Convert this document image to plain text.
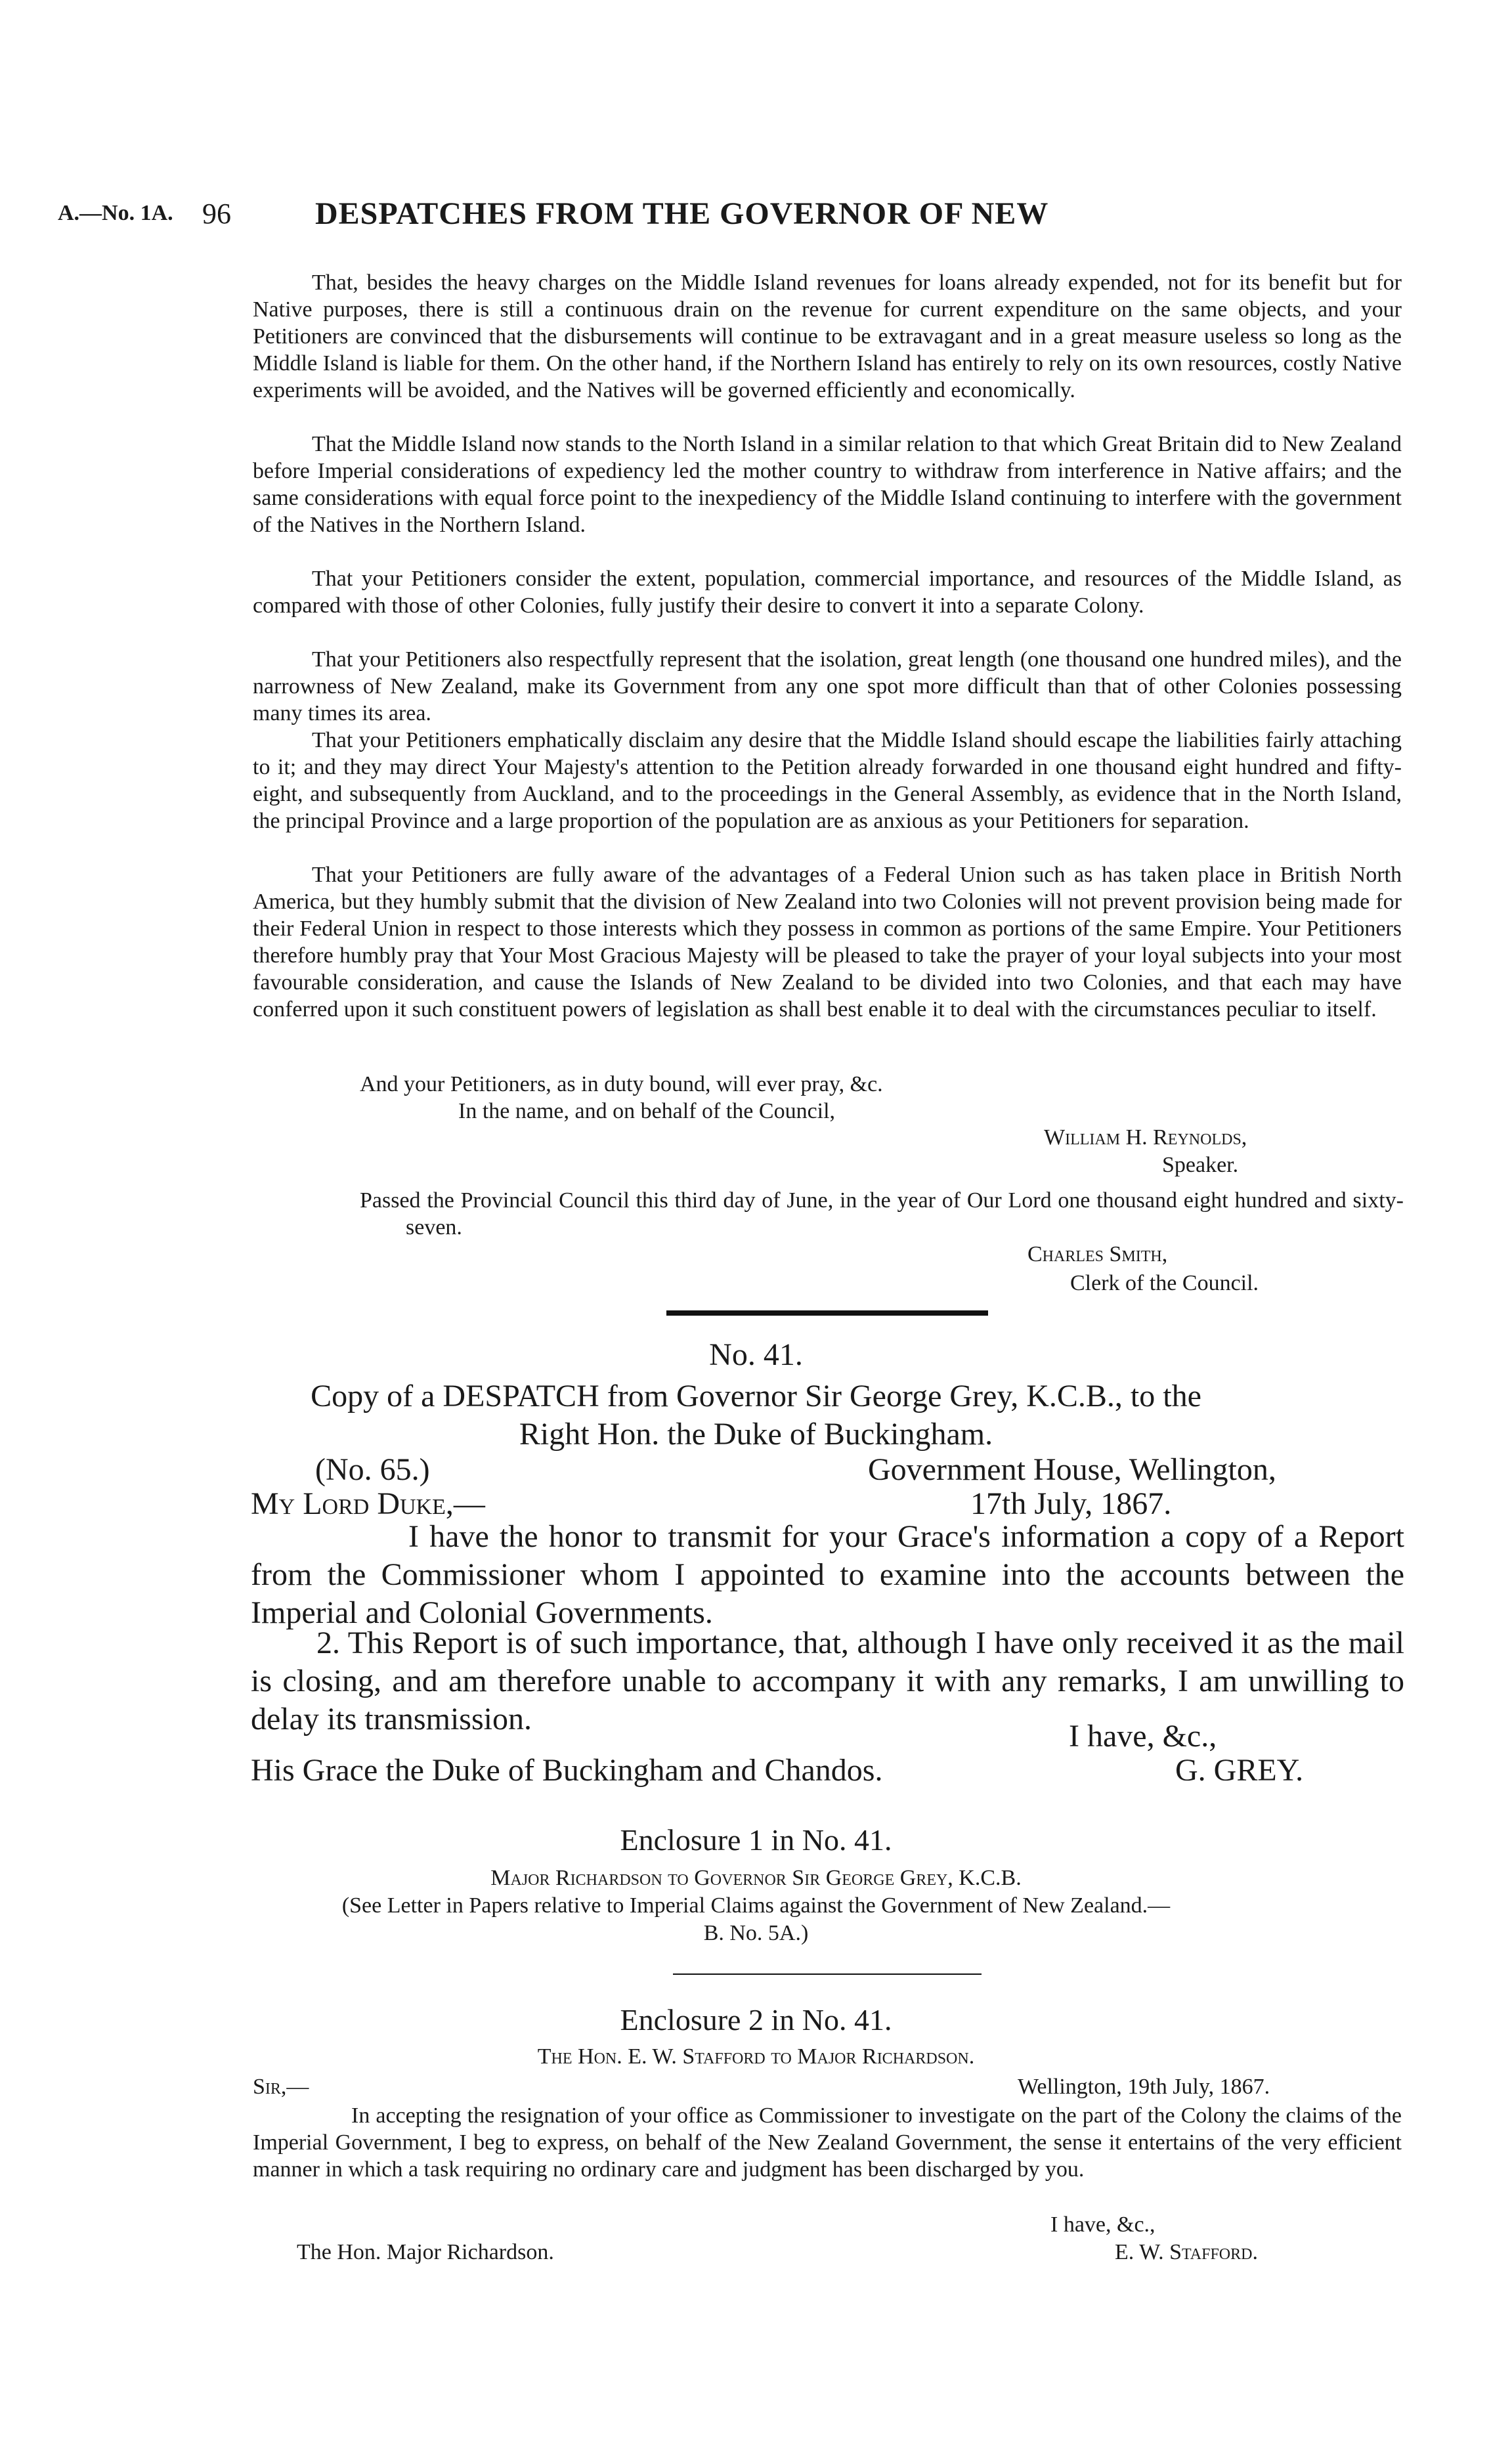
A.—No. 1A. 96	DESPATCHES FROM THE GOVERNOR OF NEW

That, besides the heavy charges on the Middle Island revenues for loans already expended, not for its benefit but for Native purposes, there is still a continuous drain on the revenue for current expenditure on the same objects, and your Petitioners are convinced that the disbursements will continue to be extravagant and in a great measure useless so long as the Middle Island is liable for them. On the other hand, if the Northern Island has entirely to rely on its own resources, costly Native experiments will be avoided, and the Natives will be governed efficiently and economically.

That the Middle Island now stands to the North Island in a similar relation to that which Great Britain did to New Zealand before Imperial considerations of expediency led the mother country to withdraw from interference in Native affairs; and the same considerations with equal force point to the inexpediency of the Middle Island continuing to interfere with the government of the Natives in the Northern Island.

That your Petitioners consider the extent, population, commercial importance, and resources of the Middle Island, as compared with those of other Colonies, fully justify their desire to convert it into a separate Colony.

That your Petitioners also respectfully represent that the isolation, great length (one thousand one hundred miles), and the narrowness of New Zealand, make its Government from any one spot more difficult than that of other Colonies possessing many times its area.

That your Petitioners emphatically disclaim any desire that the Middle Island should escape the liabilities fairly attaching to it; and they may direct Your Majesty's attention to the Petition already forwarded in one thousand eight hundred and fifty-eight, and subsequently from Auckland, and to the proceedings in the General Assembly, as evidence that in the North Island, the principal Province and a large proportion of the population are as anxious as your Petitioners for separation.

That your Petitioners are fully aware of the advantages of a Federal Union such as has taken place in British North America, but they humbly submit that the division of New Zealand into two Colonies will not prevent provision being made for their Federal Union in respect to those interests which they possess in common as portions of the same Empire. Your Petitioners therefore humbly pray that Your Most Gracious Majesty will be pleased to take the prayer of your loyal subjects into your most favourable consideration, and cause the Islands of New Zealand to be divided into two Colonies, and that each may have conferred upon it such constituent powers of legislation as shall best enable it to deal with the circumstances peculiar to itself.

And your Petitioners, as in duty bound, will ever pray, &c.
In the name, and on behalf of the Council,
William H. Reynolds,
Speaker.
Passed the Provincial Council this third day of June, in the year of Our Lord one thousand eight hundred and sixty-seven.
Charles Smith,
Clerk of the Council.
No. 41.
Copy of a DESPATCH from Governor Sir George Grey, K.C.B., to the
Right Hon. the Duke of Buckingham.
(No. 65.)	Government House, Wellington,
My Lord Duke,—	17th July, 1867.

I have the honor to transmit for your Grace's information a copy of a Report from the Commissioner whom I appointed to examine into the accounts between the Imperial and Colonial Governments.

2. This Report is of such importance, that, although I have only received it as the mail is closing, and am therefore unable to accompany it with any remarks, I am unwilling to delay its transmission.	I have, &c.,
His Grace the Duke of Buckingham and Chandos.	G. GREY.
Enclosure 1 in No. 41.
Major Richardson to Governor Sir George Grey, K.C.B.
(See Letter in Papers relative to Imperial Claims against the Government of New Zealand.—
B. No. 5A.)
Enclosure 2 in No. 41.
The Hon. E. W. Stafford to Major Richardson.
Sir,—	Wellington, 19th July, 1867.

In accepting the resignation of your office as Commissioner to investigate on the part of the Colony the claims of the Imperial Government, I beg to express, on behalf of the New Zealand Government, the sense it entertains of the very efficient manner in which a task requiring no ordinary care and judgment has been discharged by you.

I have, &c.,
The Hon. Major Richardson.	E. W. Stafford.
